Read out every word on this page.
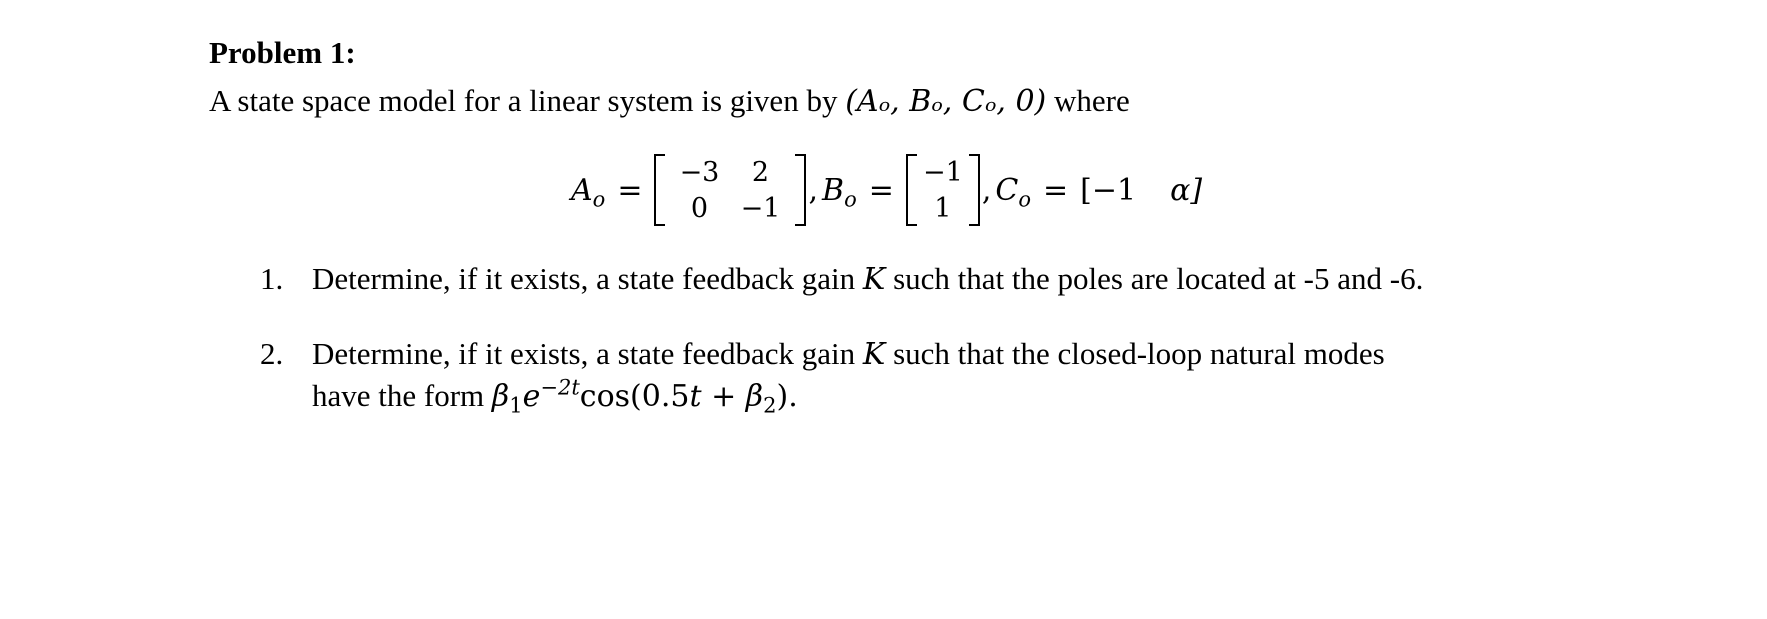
Problem 1:
A state space model for a linear system is given by (Aₒ, Bₒ, Cₒ, 0) where
$A_o$ =
−3	2
0	−1
, $B_o$ =
−1
1
, $C_o = [-1$ α]
1. Determine, if it exists, a state feedback gain K such that the poles are located at -5 and -6.
2. Determine, if it exists, a state feedback gain K such that the closed-loop natural modes
have the form $\beta_1e^{-2t}\cos(0.5t + \beta_2)$.
